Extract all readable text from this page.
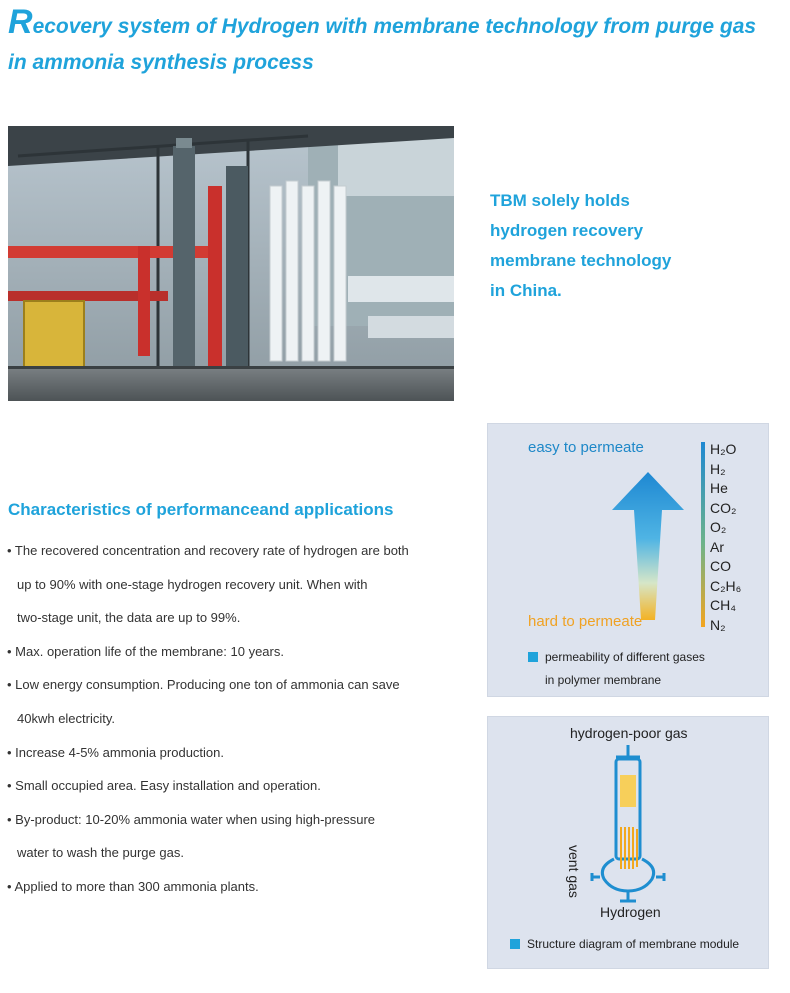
Recovery system of Hydrogen with membrane technology from purge gas
in ammonia synthesis process
TBM solely holds
hydrogen recovery
membrane technology
in China.
Characteristics of performanceand applications
• The recovered concentration and recovery rate of hydrogen are both
up to 90% with one-stage hydrogen recovery unit. When with
two-stage unit, the data are up to 99%.
• Max. operation life of the membrane: 10 years.
• Low energy consumption. Producing one ton of ammonia can save
40kwh electricity.
• Increase 4-5% ammonia production.
• Small occupied area. Easy installation and operation.
• By-product: 10-20% ammonia water when using high-pressure
water to wash the purge gas.
• Applied to more than 300 ammonia plants.
easy to permeate
hard to permeate
H₂O
H₂
He
CO₂
O₂
Ar
CO
C₂H₆
CH₄
N₂
permeability of different gases
in polymer membrane
hydrogen-poor gas
vent gas
Hydrogen
Structure diagram of membrane module
